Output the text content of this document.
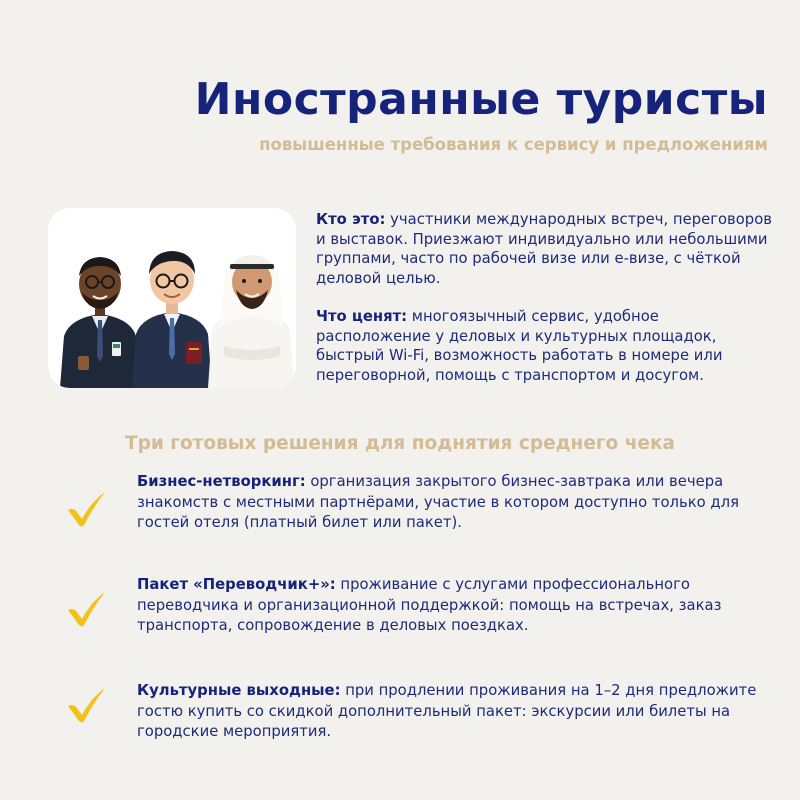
Иностранные туристы
повышенные требования к сервису и предложениям

Кто это: участники международных встреч, переговоров и выставок. Приезжают индивидуально или небольшими группами, часто по рабочей визе или e-визе, с чёткой деловой целью.

Что ценят: многоязычный сервис, удобное расположение у деловых и культурных площадок, быстрый Wi-Fi, возможность работать в номере или переговорной, помощь с транспортом и досугом.

Три готовых решения для поднятия среднего чека
Бизнес-нетворкинг: организация закрытого бизнес-завтрака или вечера знакомств с местными партнёрами, участие в котором доступно только для гостей отеля (платный билет или пакет).
Пакет «Переводчик+»: проживание с услугами профессионального переводчика и организационной поддержкой: помощь на встречах, заказ транспорта, сопровождение в деловых поездках.
Культурные выходные: при продлении проживания на 1–2 дня предложите гостю купить со скидкой дополнительный пакет: экскурсии или билеты на городские мероприятия.
